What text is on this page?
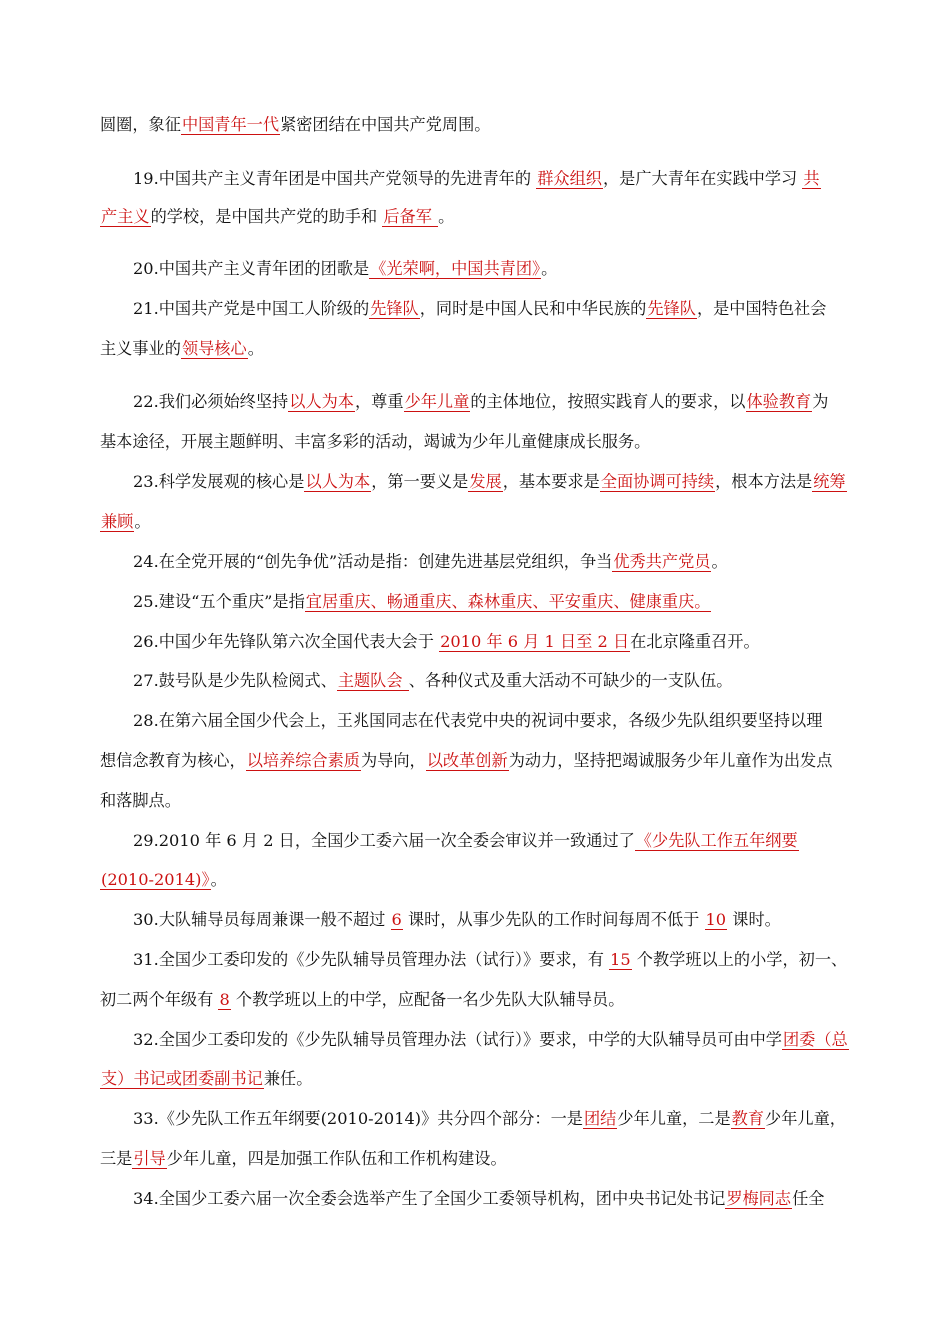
圆圈，象征中国青年一代紧密团结在中国共产党周围。
19.中国共产主义青年团是中国共产党领导的先进青年的 群众组织，是广大青年在实践中学习 共
产主义的学校，是中国共产党的助手和 后备军 。
20.中国共产主义青年团的团歌是《光荣啊，中国共青团》。
21.中国共产党是中国工人阶级的先锋队，同时是中国人民和中华民族的先锋队，是中国特色社会
主义事业的领导核心。
22.我们必须始终坚持以人为本，尊重少年儿童的主体地位，按照实践育人的要求，以体验教育为
基本途径，开展主题鲜明、丰富多彩的活动，竭诚为少年儿童健康成长服务。
23.科学发展观的核心是以人为本，第一要义是发展，基本要求是全面协调可持续，根本方法是统筹
兼顾。
24.在全党开展的“创先争优”活动是指：创建先进基层党组织，争当优秀共产党员。
25.建设“五个重庆”是指宜居重庆、畅通重庆、森林重庆、平安重庆、健康重庆。
26.中国少年先锋队第六次全国代表大会于 2010 年 6 月 1 日至 2 日在北京隆重召开。
27.鼓号队是少先队检阅式、主题队会 、各种仪式及重大活动不可缺少的一支队伍。
28.在第六届全国少代会上，王兆国同志在代表党中央的祝词中要求，各级少先队组织要坚持以理
想信念教育为核心，以培养综合素质为导向，以改革创新为动力，坚持把竭诚服务少年儿童作为出发点
和落脚点。
29.2010 年 6 月 2 日，全国少工委六届一次全委会审议并一致通过了《少先队工作五年纲要
(2010-2014)》。
30.大队辅导员每周兼课一般不超过 6 课时，从事少先队的工作时间每周不低于 10 课时。
31.全国少工委印发的《少先队辅导员管理办法（试行）》要求，有 15 个教学班以上的小学，初一、
初二两个年级有 8 个教学班以上的中学，应配备一名少先队大队辅导员。
32.全国少工委印发的《少先队辅导员管理办法（试行）》要求，中学的大队辅导员可由中学团委（总
支）书记或团委副书记兼任。
33.《少先队工作五年纲要(2010-2014)》共分四个部分：一是团结少年儿童，二是教育少年儿童，
三是引导少年儿童，四是加强工作队伍和工作机构建设。
34.全国少工委六届一次全委会选举产生了全国少工委领导机构，团中央书记处书记罗梅同志任全
